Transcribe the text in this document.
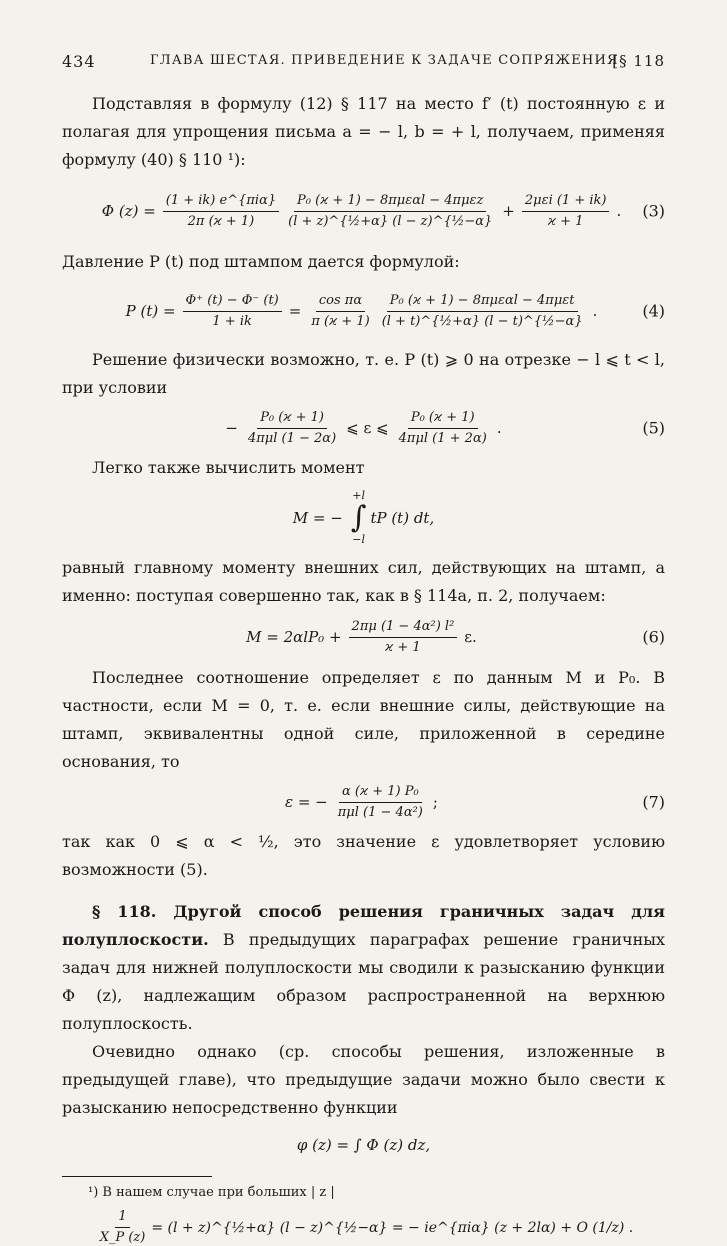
434	ГЛАВА ШЕСТАЯ. ПРИВЕДЕНИЕ К ЗАДАЧЕ СОПРЯЖЕНИЯ
[§ 118

Подставляя в формулу (12) § 117 на место f′ (t) постоянную ε и полагая для упрощения письма a = − l, b = + l, получаем, применяя формулу (40) § 110 ¹):

Φ $(z) = \frac{\text{(1 + ik) e\textasciicircum{}\{πiα\}}}{2\pi (ϰ + 1)} \frac{\text{P₀ (ϰ + 1) − 8πμεαl − 4πμεz}}{\text{(l + z)\textasciicircum{}\{½+α\} (l − z)\textasciicircum{}\{½−α\}}} + \frac{\text{2μεi (1 + ik)}}{ϰ + 1}$ . (3)

Давление P (t) под штампом дается формулой:

P $(t) = \frac{\Phi^+ (t) - \Phi^- (t)}{1 + ik} = \frac{\text{cos πα}}{\pi (ϰ + 1)} \frac{\text{P₀ (ϰ + 1) − 8πμεαl − 4πμεt}}{\text{(l + t)\textasciicircum{}\{½+α\} (l − t)\textasciicircum{}\{½−α\}}}$ .	(4)

Решение физически возможно, т. е. P (t) ⩾ 0 на отрезке − l ⩽ t < l, при условии

− $\frac{\text{P₀ (ϰ + 1)}}{\text{4πμl (1 − 2α)}}$ ⩽ ε ⩽ $\frac{\text{P₀ (ϰ + 1)}}{\text{4πμl (1 + 2α)}}$ .	(5)

Легко также вычислить момент

M = −
+l
∫
−l
tP (t) dt,

равный главному моменту внешних сил, действующих на штамп, а именно: поступая совершенно так, как в § 114а, п. 2, получаем:

$M = 2\alpha lP_0 + \frac{\text{2πμ (1 − 4α²) l²}}{ϰ + 1} \varepsilon$.	(6)

Последнее соотношение определяет ε по данным M и P₀. В частности, если M = 0, т. е. если внешние силы, действующие на штамп, эквивалентны одной силе, приложенной в середине основания, то

ε = − $\frac{\text{α (ϰ + 1) P₀}}{\text{πμl (1 − 4α²)}}$ ;	(7)

так как 0 ⩽ α < ½, это значение ε удовлетворяет условию возможности (5).

§ 118. Другой способ решения граничных задач для полуплоскости. В предыдущих параграфах решение граничных задач для нижней полуплоскости мы сводили к разысканию функции Φ (z), надлежащим образом распространенной на верхнюю полуплоскость.

Очевидно однако (ср. способы решения, изложенные в предыдущей главе), что предыдущие задачи можно было свести к разысканию непосредственно функции

φ (z) = ∫ Φ (z) dz,
¹) В нашем случае при больших | z |
$\frac{1}{X\_P (z)} = (l$ + z)^{½+α} (l − z)^{½−α} = − ie^{πiα} (z + 2lα) + O (1/z) .
